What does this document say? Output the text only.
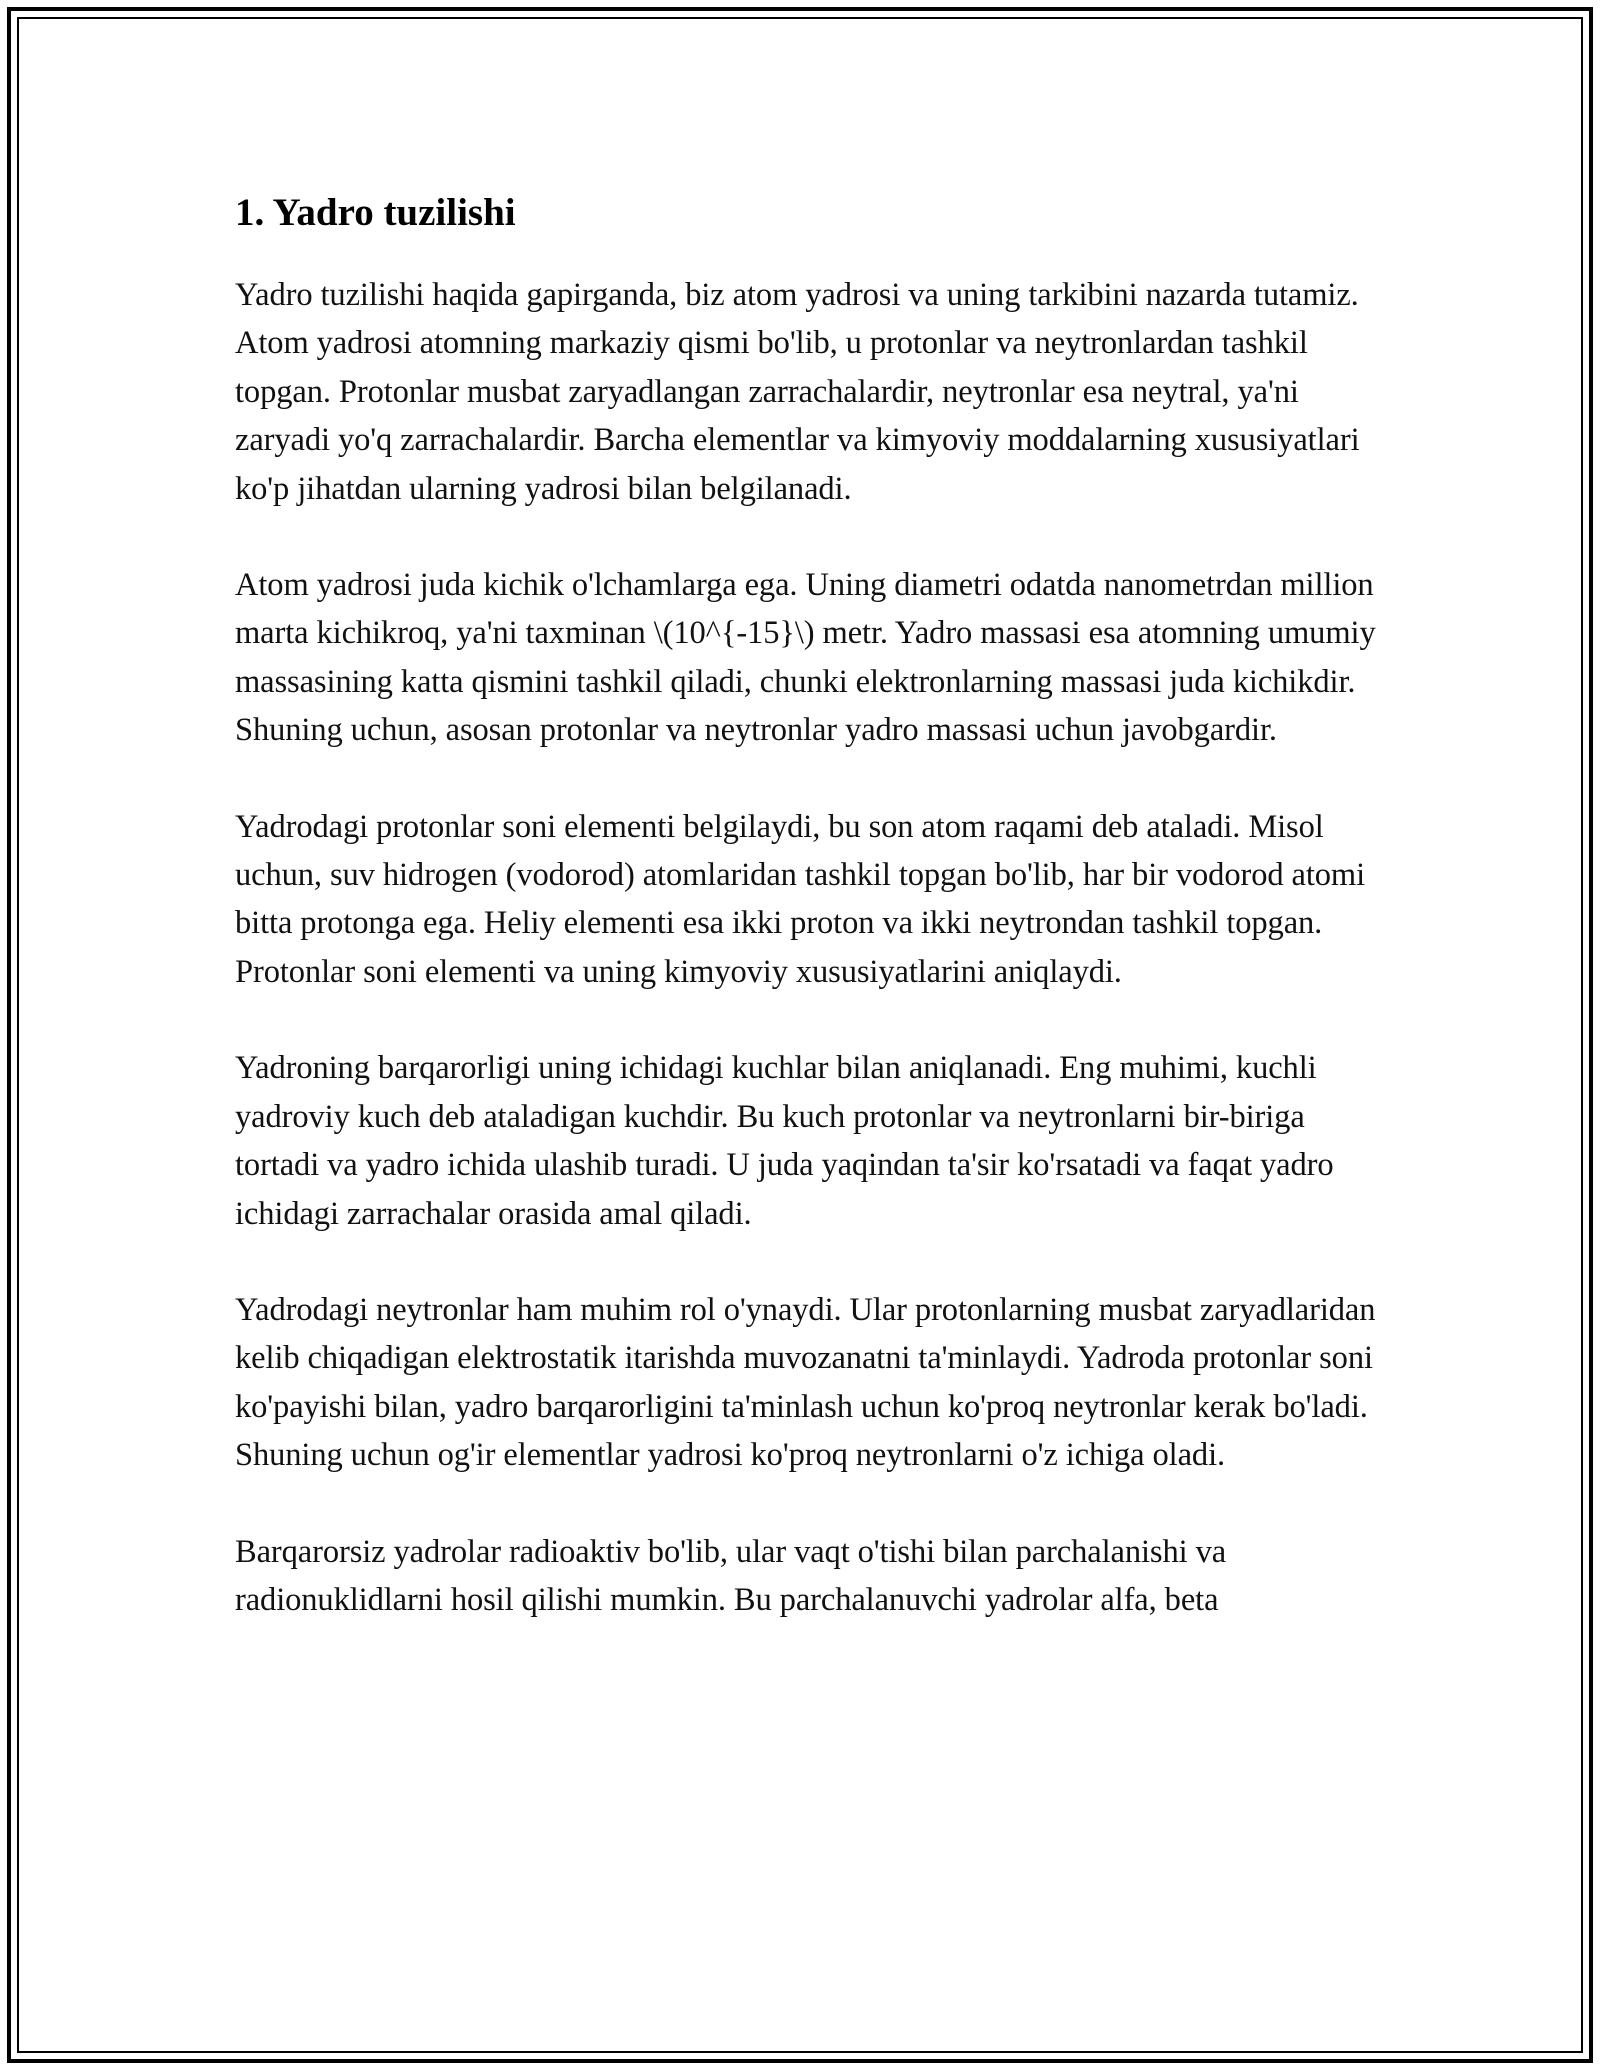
1. Yadro tuzilishi

Yadro tuzilishi haqida gapirganda, biz atom yadrosi va uning tarkibini nazarda tutamiz. Atom yadrosi atomning markaziy qismi bo'lib, u protonlar va neytronlardan tashkil topgan. Protonlar musbat zaryadlangan zarrachalardir, neytronlar esa neytral, ya'ni zaryadi yo'q zarrachalardir. Barcha elementlar va kimyoviy moddalarning xususiyatlari ko'p jihatdan ularning yadrosi bilan belgilanadi.

Atom yadrosi juda kichik o'lchamlarga ega. Uning diametri odatda nanometrdan million marta kichikroq, ya'ni taxminan \(10^{-15}\) metr. Yadro massasi esa atomning umumiy massasining katta qismini tashkil qiladi, chunki elektronlarning massasi juda kichikdir. Shuning uchun, asosan protonlar va neytronlar yadro massasi uchun javobgardir.

Yadrodagi protonlar soni elementi belgilaydi, bu son atom raqami deb ataladi. Misol uchun, suv hidrogen (vodorod) atomlaridan tashkil topgan bo'lib, har bir vodorod atomi bitta protonga ega. Heliy elementi esa ikki proton va ikki neytrondan tashkil topgan. Protonlar soni elementi va uning kimyoviy xususiyatlarini aniqlaydi.

Yadroning barqarorligi uning ichidagi kuchlar bilan aniqlanadi. Eng muhimi, kuchli yadroviy kuch deb ataladigan kuchdir. Bu kuch protonlar va neytronlarni bir-biriga tortadi va yadro ichida ulashib turadi. U juda yaqindan ta'sir ko'rsatadi va faqat yadro ichidagi zarrachalar orasida amal qiladi.

Yadrodagi neytronlar ham muhim rol o'ynaydi. Ular protonlarning musbat zaryadlaridan kelib chiqadigan elektrostatik itarishda muvozanatni ta'minlaydi. Yadroda protonlar soni ko'payishi bilan, yadro barqarorligini ta'minlash uchun ko'proq neytronlar kerak bo'ladi. Shuning uchun og'ir elementlar yadrosi ko'proq neytronlarni o'z ichiga oladi.

Barqarorsiz yadrolar radioaktiv bo'lib, ular vaqt o'tishi bilan parchalanishi va radionuklidlarni hosil qilishi mumkin. Bu parchalanuvchi yadrolar alfa, beta
